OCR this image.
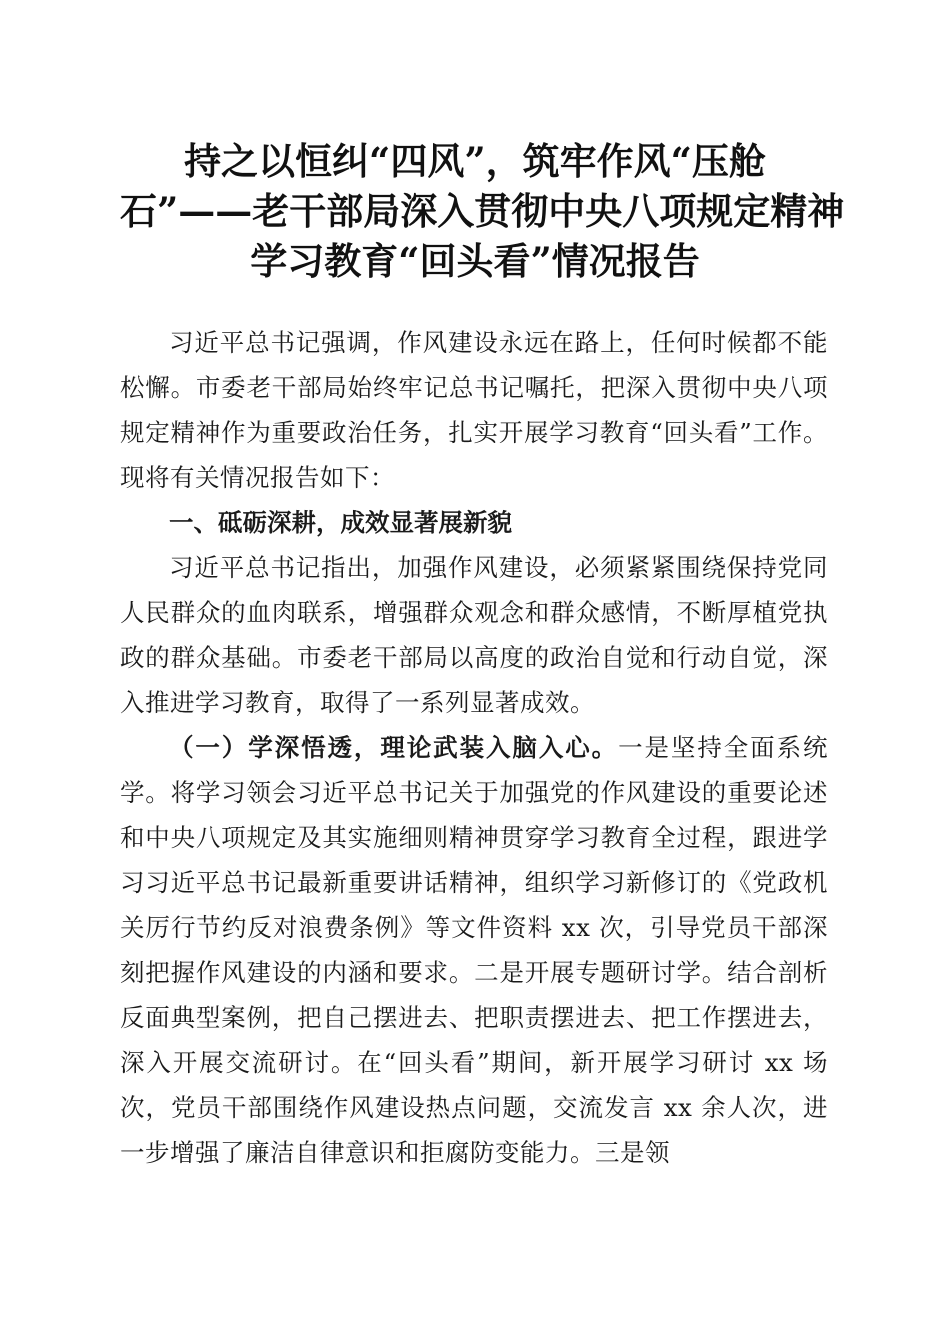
持之以恒纠“四风”，筑牢作风“压舱
石”——老干部局深入贯彻中央八项规定精神
学习教育“回头看”情况报告

习近平总书记强调，作风建设永远在路上，任何时候都不能松懈。市委老干部局始终牢记总书记嘱托，把深入贯彻中央八项规定精神作为重要政治任务，扎实开展学习教育“回头看”工作。现将有关情况报告如下：

一、砥砺深耕，成效显著展新貌

习近平总书记指出，加强作风建设，必须紧紧围绕保持党同人民群众的血肉联系，增强群众观念和群众感情，不断厚植党执政的群众基础。市委老干部局以高度的政治自觉和行动自觉，深入推进学习教育，取得了一系列显著成效。

（一）学深悟透，理论武装入脑入心。一是坚持全面系统学。将学习领会习近平总书记关于加强党的作风建设的重要论述和中央八项规定及其实施细则精神贯穿学习教育全过程，跟进学习习近平总书记最新重要讲话精神，组织学习新修订的《党政机关厉行节约反对浪费条例》等文件资料 xx 次，引导党员干部深刻把握作风建设的内涵和要求。二是开展专题研讨学。结合剖析反面典型案例，把自己摆进去、把职责摆进去、把工作摆进去，深入开展交流研讨。在“回头看”期间，新开展学习研讨 xx 场次，党员干部围绕作风建设热点问题，交流发言 xx 余人次，进一步增强了廉洁自律意识和拒腐防变能力。三是领
